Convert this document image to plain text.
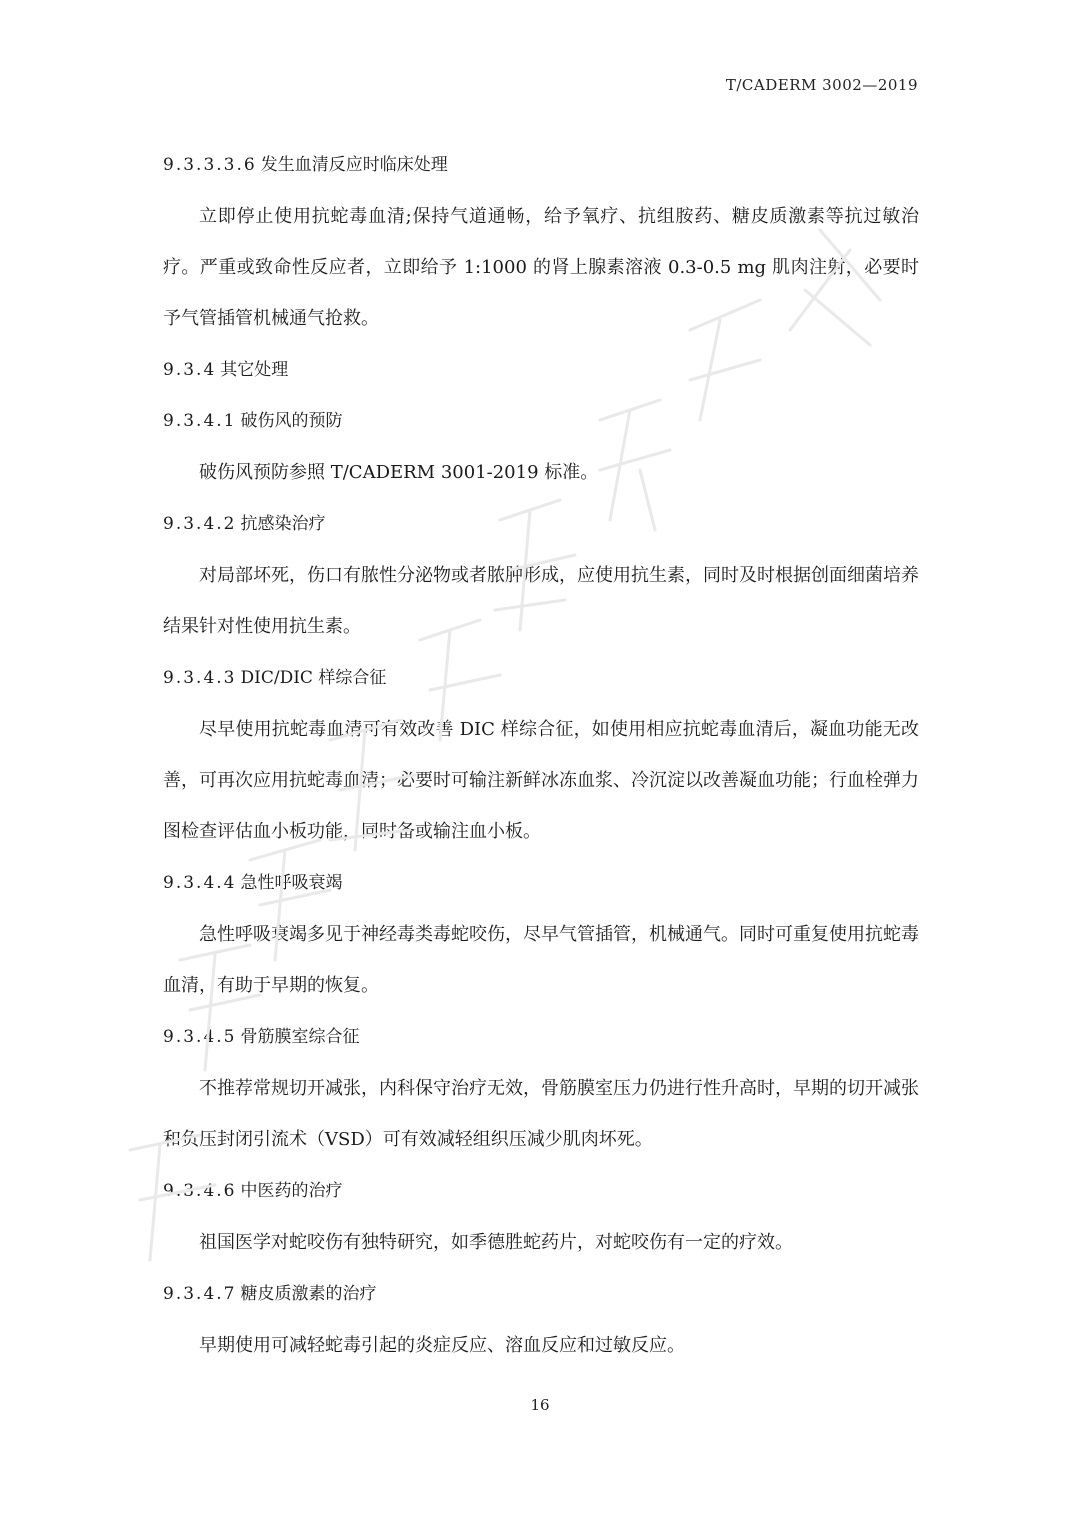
T/CADERM 3002—2019
9.3.3.3.6 发生血清反应时临床处理
立即停止使用抗蛇毒血清;保持气道通畅，给予氧疗、抗组胺药、糖皮质激素等抗过敏治疗。严重或致命性反应者，立即给予 1:1000 的肾上腺素溶液 0.3-0.5 mg 肌肉注射，必要时予气管插管机械通气抢救。
9.3.4 其它处理
9.3.4.1 破伤风的预防
破伤风预防参照 T/CADERM 3001-2019 标准。
9.3.4.2 抗感染治疗
对局部坏死，伤口有脓性分泌物或者脓肿形成，应使用抗生素，同时及时根据创面细菌培养结果针对性使用抗生素。
9.3.4.3 DIC/DIC 样综合征
尽早使用抗蛇毒血清可有效改善 DIC 样综合征，如使用相应抗蛇毒血清后，凝血功能无改善，可再次应用抗蛇毒血清；必要时可输注新鲜冰冻血浆、冷沉淀以改善凝血功能；行血栓弹力图检查评估血小板功能，同时备或输注血小板。
9.3.4.4 急性呼吸衰竭
急性呼吸衰竭多见于神经毒类毒蛇咬伤，尽早气管插管，机械通气。同时可重复使用抗蛇毒血清，有助于早期的恢复。
9.3.4.5 骨筋膜室综合征
不推荐常规切开减张，内科保守治疗无效，骨筋膜室压力仍进行性升高时，早期的切开减张和负压封闭引流术（VSD）可有效减轻组织压减少肌肉坏死。
9.3.4.6 中医药的治疗
祖国医学对蛇咬伤有独特研究，如季德胜蛇药片，对蛇咬伤有一定的疗效。
9.3.4.7 糖皮质激素的治疗
早期使用可减轻蛇毒引起的炎症反应、溶血反应和过敏反应。
16
